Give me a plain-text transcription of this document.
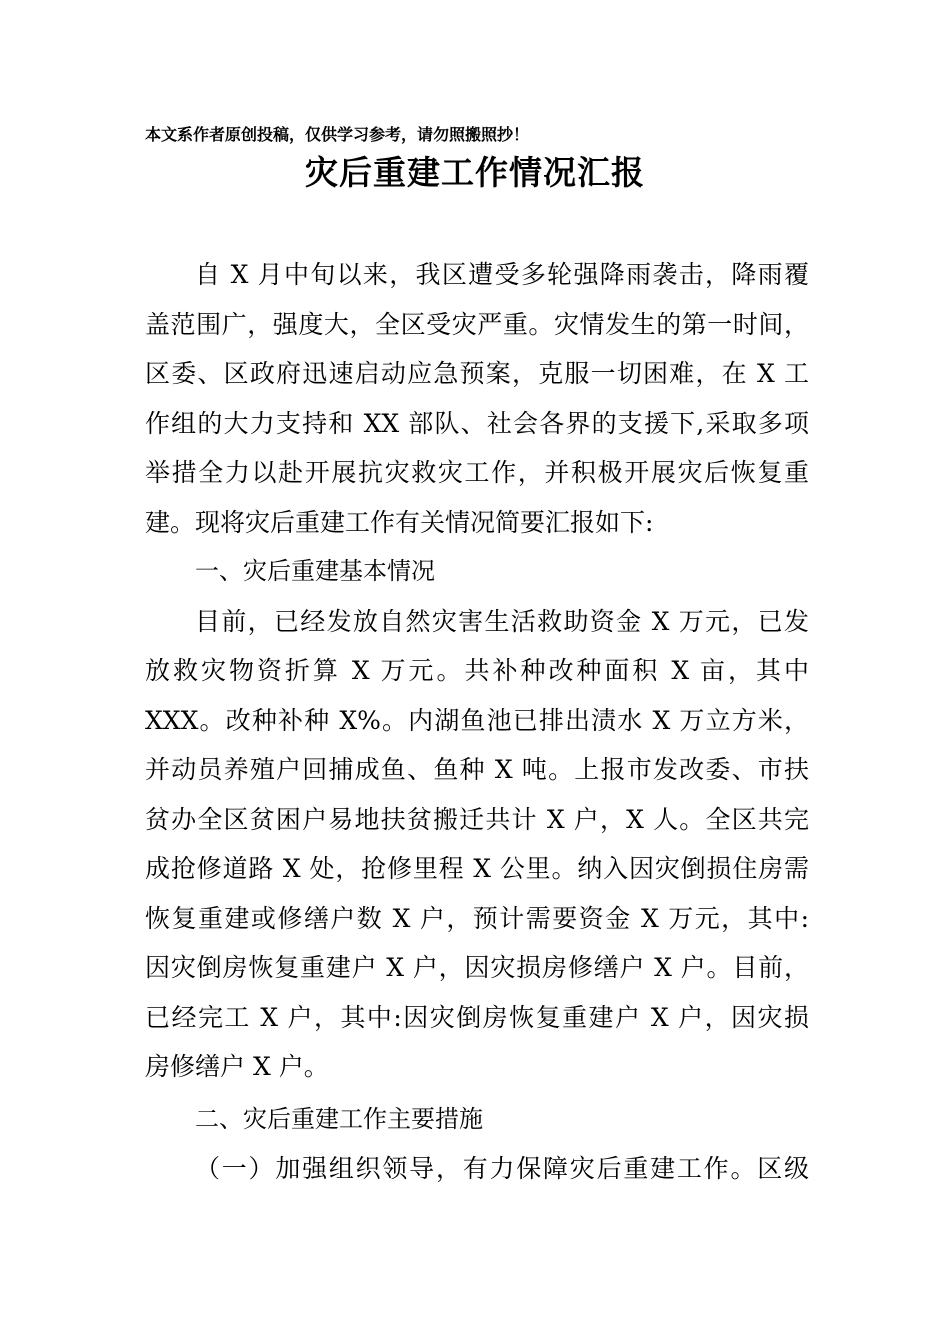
本文系作者原创投稿，仅供学习参考，请勿照搬照抄！
灾后重建工作情况汇报
自 X 月中旬以来，我区遭受多轮强降雨袭击，降雨覆
盖范围广，强度大，全区受灾严重。灾情发生的第一时间，
区委、区政府迅速启动应急预案，克服一切困难，在 X 工
作组的大力支持和 XX 部队、社会各界的支援下,采取多项
举措全力以赴开展抗灾救灾工作，并积极开展灾后恢复重
建。现将灾后重建工作有关情况简要汇报如下:
一、灾后重建基本情况
目前，已经发放自然灾害生活救助资金 X 万元，已发
放救灾物资折算 X 万元。共补种改种面积 X 亩，其中
XXX。改种补种 X%。内湖鱼池已排出渍水 X 万立方米，
并动员养殖户回捕成鱼、鱼种 X 吨。上报市发改委、市扶
贫办全区贫困户易地扶贫搬迁共计 X 户，X 人。全区共完
成抢修道路 X 处，抢修里程 X 公里。纳入因灾倒损住房需
恢复重建或修缮户数 X 户，预计需要资金 X 万元，其中:
因灾倒房恢复重建户 X 户，因灾损房修缮户 X 户。目前，
已经完工 X 户，其中:因灾倒房恢复重建户 X 户，因灾损
房修缮户 X 户。
二、灾后重建工作主要措施
（一）加强组织领导，有力保障灾后重建工作。区级
